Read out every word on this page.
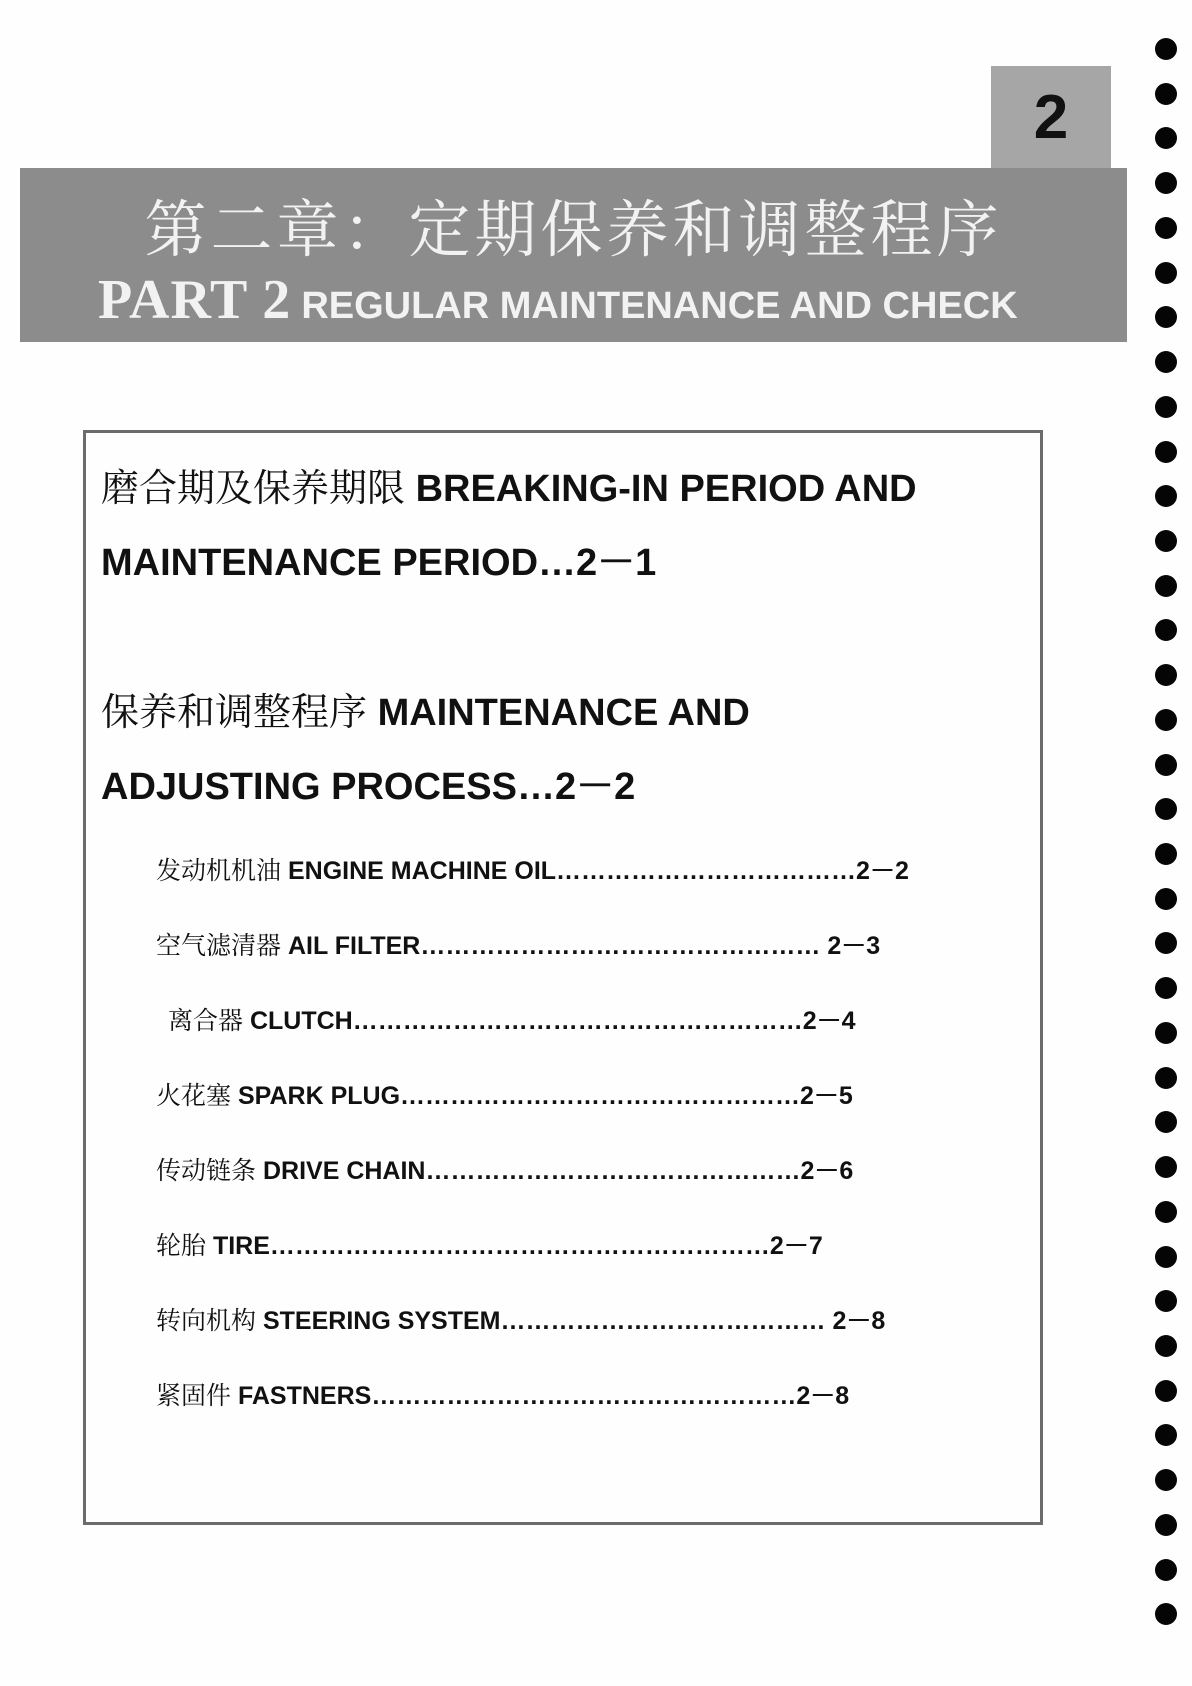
2
第二章：定期保养和调整程序
PART 2 REGULAR MAINTENANCE AND CHECK
磨合期及保养期限 BREAKING-IN PERIOD AND
MAINTENANCE PERIOD…2－1
保养和调整程序 MAINTENANCE AND
ADJUSTING PROCESS…2－2
发动机机油 ENGINE MACHINE OIL………………………………2－2
空气滤清器 AIL FILTER………………………………………… 2－3
离合器 CLUTCH………………………………………………2－4
火花塞 SPARK PLUG…………………………………………2－5
传动链条 DRIVE CHAIN………………………………………2－6
轮胎 TIRE……………………………………………………2－7
转向机构 STEERING SYSTEM………………………………… 2－8
紧固件 FASTNERS……………………………………………2－8
